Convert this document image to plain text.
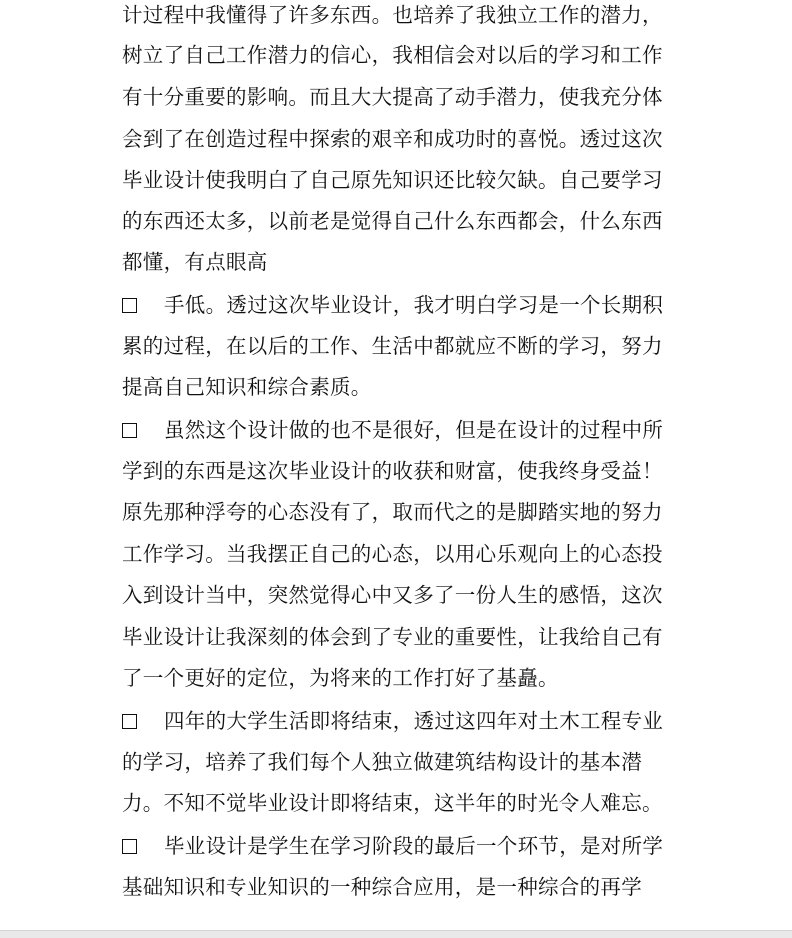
计过程中我懂得了许多东西。也培养了我独立工作的潜力，
树立了自己工作潜力的信心，我相信会对以后的学习和工作
有十分重要的影响。而且大大提高了动手潜力，使我充分体
会到了在创造过程中探索的艰辛和成功时的喜悦。透过这次
毕业设计使我明白了自己原先知识还比较欠缺。自己要学习
的东西还太多，以前老是觉得自己什么东西都会，什么东西
都懂，有点眼高
手低。透过这次毕业设计，我才明白学习是一个长期积
累的过程，在以后的工作、生活中都就应不断的学习，努力
提高自己知识和综合素质。
虽然这个设计做的也不是很好，但是在设计的过程中所
学到的东西是这次毕业设计的收获和财富，使我终身受益！
原先那种浮夸的心态没有了，取而代之的是脚踏实地的努力
工作学习。当我摆正自己的心态，以用心乐观向上的心态投
入到设计当中，突然觉得心中又多了一份人生的感悟，这次
毕业设计让我深刻的体会到了专业的重要性，让我给自己有
了一个更好的定位，为将来的工作打好了基矗。
四年的大学生活即将结束，透过这四年对土木工程专业
的学习，培养了我们每个人独立做建筑结构设计的基本潜
力。不知不觉毕业设计即将结束，这半年的时光令人难忘。
毕业设计是学生在学习阶段的最后一个环节，是对所学
基础知识和专业知识的一种综合应用，是一种综合的再学
